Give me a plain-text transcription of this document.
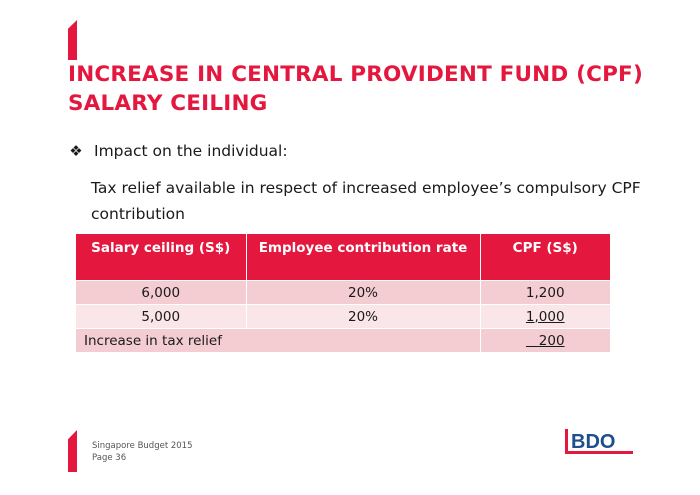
INCREASE IN CENTRAL PROVIDENT FUND (CPF)
SALARY CEILING
❖ Impact on the individual:
Tax relief available in respect of increased employee’s compulsory CPF contribution
Salary ceiling (S$)	Employee contribution rate	CPF (S$)
6,000	20%	1,200
5,000	20%	1,000
Increase in tax relief		200
Singapore Budget 2015
Page 36
BDO
